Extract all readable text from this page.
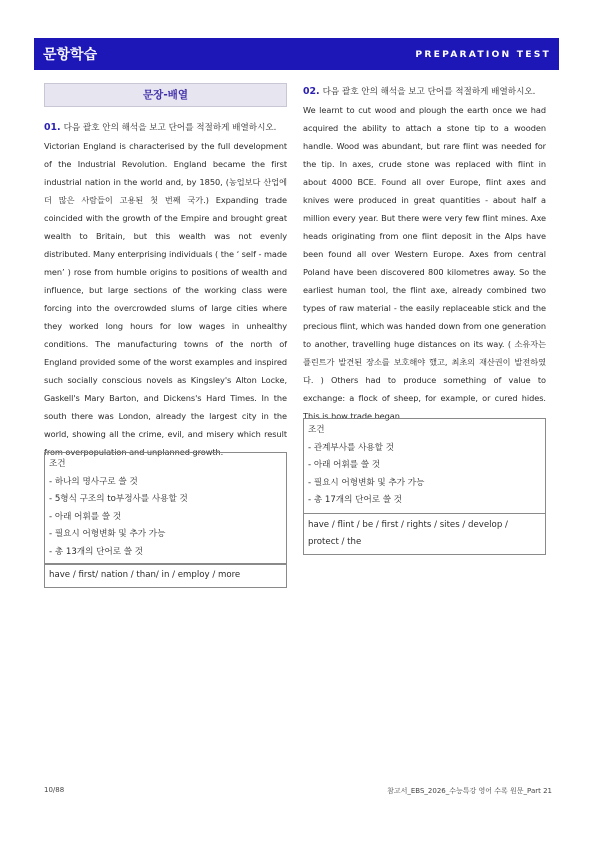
문항학습	PREPARATION TEST
문장-배열
01. 다음 괄호 안의 해석을 보고 단어를 적절하게 배열하시오.
Victorian England is characterised by the full development of the Industrial Revolution. England became the first industrial nation in the world and, by 1850, (농업보다 산업에 더 많은 사람들이 고용된 첫 번째 국가.) Expanding trade coincided with the growth of the Empire and brought great wealth to Britain, but this wealth was not evenly distributed. Many enterprising individuals ( the ‘ self - made men’ ) rose from humble origins to positions of wealth and influence, but large sections of the working class were forcing into the overcrowded slums of large cities where they worked long hours for low wages in unhealthy conditions. The manufacturing towns of the north of England provided some of the worst examples and inspired such socially conscious novels as Kingsley's Alton Locke, Gaskell's Mary Barton, and Dickens's Hard Times. In the south there was London, already the largest city in the world, showing all the crime, evil, and misery which result from overpopulation and unplanned growth.
조건
- 하나의 명사구로 쓸 것
- 5형식 구조의 to부정사를 사용할 것
- 아래 어휘를 쓸 것
- 필요시 어형변화 및 추가 가능
- 총 13개의 단어로 쓸 것
have / first/ nation / than/ in / employ / more
02. 다음 괄호 안의 해석을 보고 단어를 적절하게 배열하시오.
We learnt to cut wood and plough the earth once we had acquired the ability to attach a stone tip to a wooden handle. Wood was abundant, but rare flint was needed for the tip. In axes, crude stone was replaced with flint in about 4000 BCE. Found all over Europe, flint axes and knives were produced in great quantities - about half a million every year. But there were very few flint mines. Axe heads originating from one flint deposit in the Alps have been found all over Western Europe. Axes from central Poland have been discovered 800 kilometres away. So the earliest human tool, the flint axe, already combined two types of raw material - the easily replaceable stick and the precious flint, which was handed down from one generation to another, travelling huge distances on its way. ( 소유자는 플린트가 발견된 장소를 보호해야 했고, 최초의 재산권이 발전하였다. ) Others had to produce something of value to exchange: a flock of sheep, for example, or cured hides. This is how trade began.
조건
- 관계부사를 사용할 것
- 아래 어휘를 쓸 것
- 필요시 어형변화 및 추가 가능
- 총 17개의 단어로 쓸 것
have / flint / be / first / rights / sites / develop / protect / the
10/88	참고서_EBS_2026_수능특강 영어 수록 원문_Part 21
